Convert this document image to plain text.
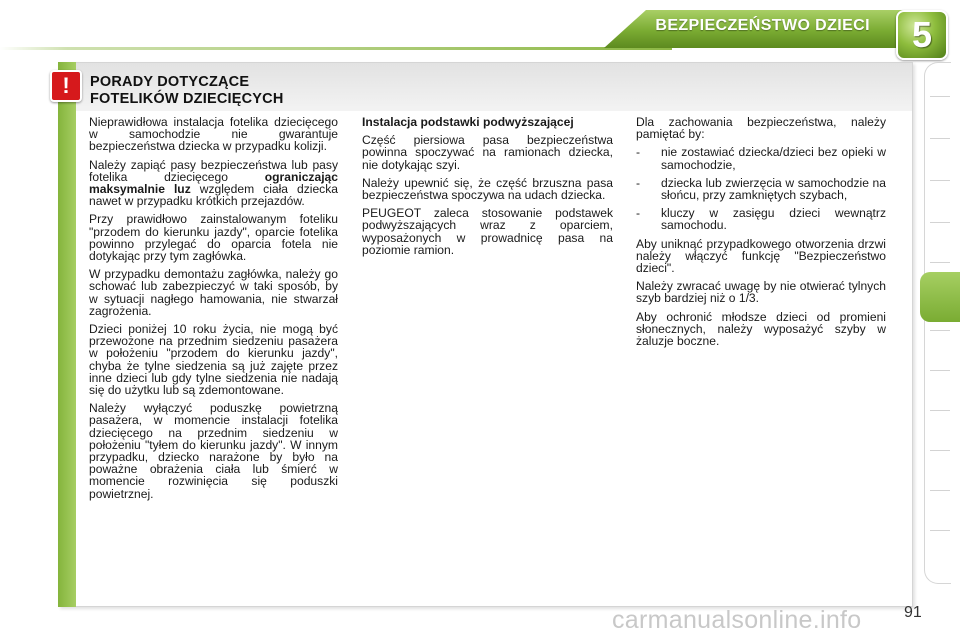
BEZPIECZEŃSTWO DZIECI	5
!	PORADY DOTYCZĄCE
FOTELIKÓW DZIECIĘCYCH

Nieprawidłowa instalacja fotelika dziecięcego w samochodzie nie gwarantuje bezpieczeństwa dziecka w przypadku kolizji.

Należy zapiąć pasy bezpieczeństwa lub pasy fotelika dziecięcego ograniczając maksymalnie luz względem ciała dziecka nawet w przypadku krótkich przejazdów.

Przy prawidłowo zainstalowanym foteliku "przodem do kierunku jazdy", oparcie fotelika powinno przylegać do oparcia fotela nie dotykając przy tym zagłówka.

W przypadku demontażu zagłówka, należy go schować lub zabezpieczyć w taki sposób, by w sytuacji nagłego hamowania, nie stwarzał zagrożenia.

Dzieci poniżej 10 roku życia, nie mogą być przewożone na przednim siedzeniu pasażera w położeniu "przodem do kierunku jazdy", chyba że tylne siedzenia są już zajęte przez inne dzieci lub gdy tylne siedzenia nie nadają się do użytku lub są zdemontowane.

Należy wyłączyć poduszkę powietrzną pasażera, w momencie instalacji fotelika dziecięcego na przednim siedzeniu w położeniu "tyłem do kierunku jazdy". W innym przypadku, dziecko narażone by było na poważne obrażenia ciała lub śmierć w momencie rozwinięcia się poduszki powietrznej.

Instalacja podstawki podwyższającej

Część piersiowa pasa bezpieczeństwa powinna spoczywać na ramionach dziecka, nie dotykając szyi.

Należy upewnić się, że część brzuszna pasa bezpieczeństwa spoczywa na udach dziecka.

PEUGEOT zaleca stosowanie podstawek podwyższających wraz z oparciem, wyposażonych w prowadnicę pasa na poziomie ramion.

Dla zachowania bezpieczeństwa, należy pamiętać by:

- nie zostawiać dziecka/dzieci bez opieki w samochodzie,
- dziecka lub zwierzęcia w samochodzie na słońcu, przy zamkniętych szybach,
- kluczy w zasięgu dzieci wewnątrz samochodu.

Aby uniknąć przypadkowego otworzenia drzwi należy włączyć funkcję "Bezpieczeństwo dzieci".

Należy zwracać uwagę by nie otwierać tylnych szyb bardziej niż o 1/3.

Aby ochronić młodsze dzieci od promieni słonecznych, należy wyposażyć szyby w żaluzje boczne.

carmanualsonline.info	91
